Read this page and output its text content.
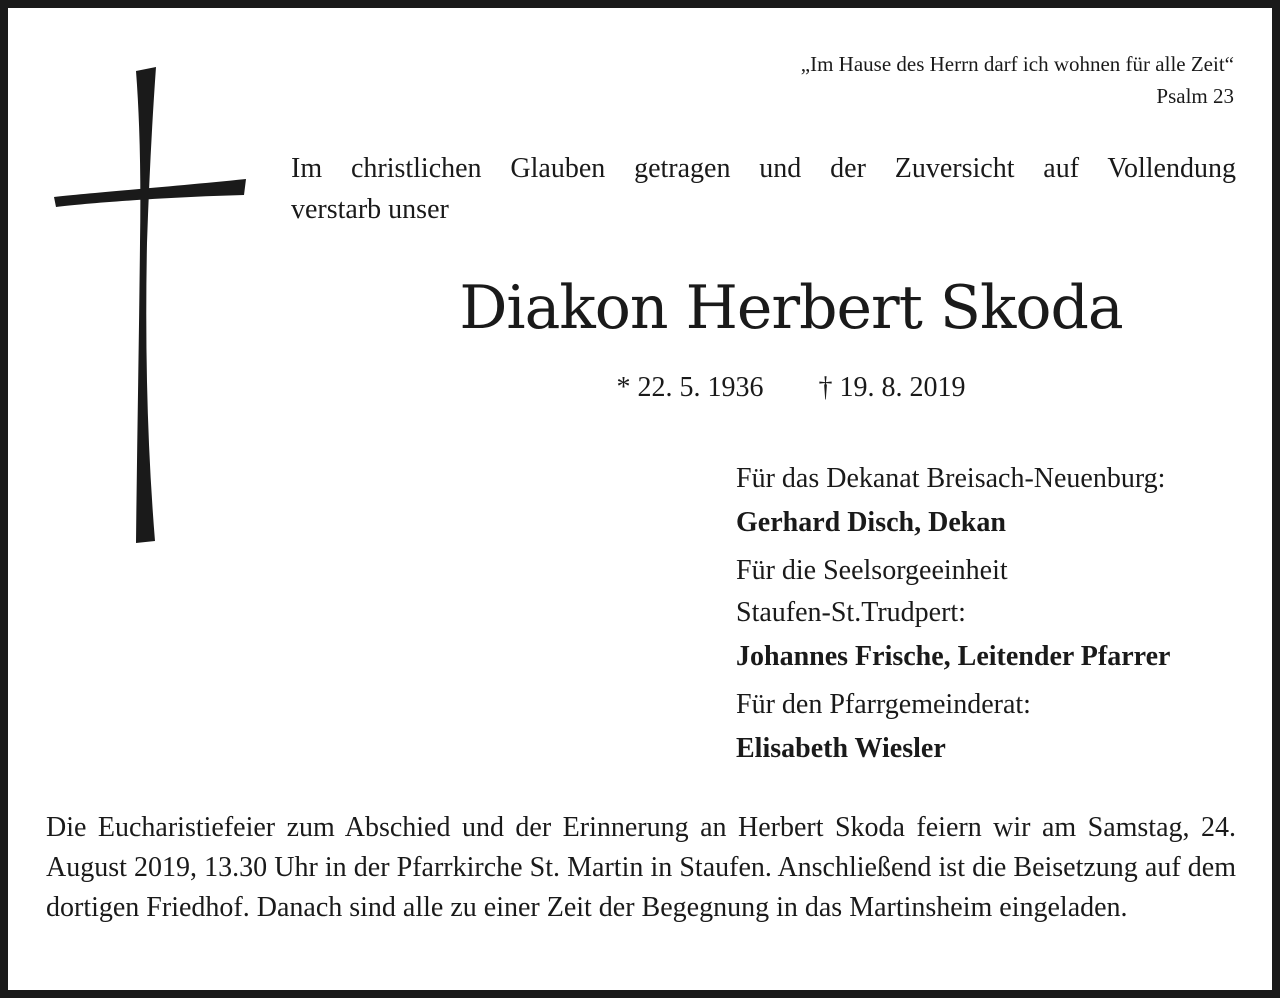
„Im Hause des Herrn darf ich wohnen für alle Zeit“
Psalm 23
Im christlichen Glauben getragen und der Zuversicht auf Vollendung
verstarb unser
Diakon Herbert Skoda
* 22. 5. 1936 † 19. 8. 2019
Für das Dekanat Breisach-Neuenburg:
Gerhard Disch, Dekan
Für die Seelsorgeeinheit
Staufen-St.Trudpert:
Johannes Frische, Leitender Pfarrer
Für den Pfarrgemeinderat:
Elisabeth Wiesler
Die Eucharistiefeier zum Abschied und der Erinnerung an Herbert Skoda feiern wir am Samstag, 24. August 2019, 13.30 Uhr in der Pfarrkirche St. Martin in Staufen. Anschließend ist die Beisetzung auf dem dortigen Friedhof. Danach sind alle zu einer Zeit der Begegnung in das Martinsheim eingeladen.
